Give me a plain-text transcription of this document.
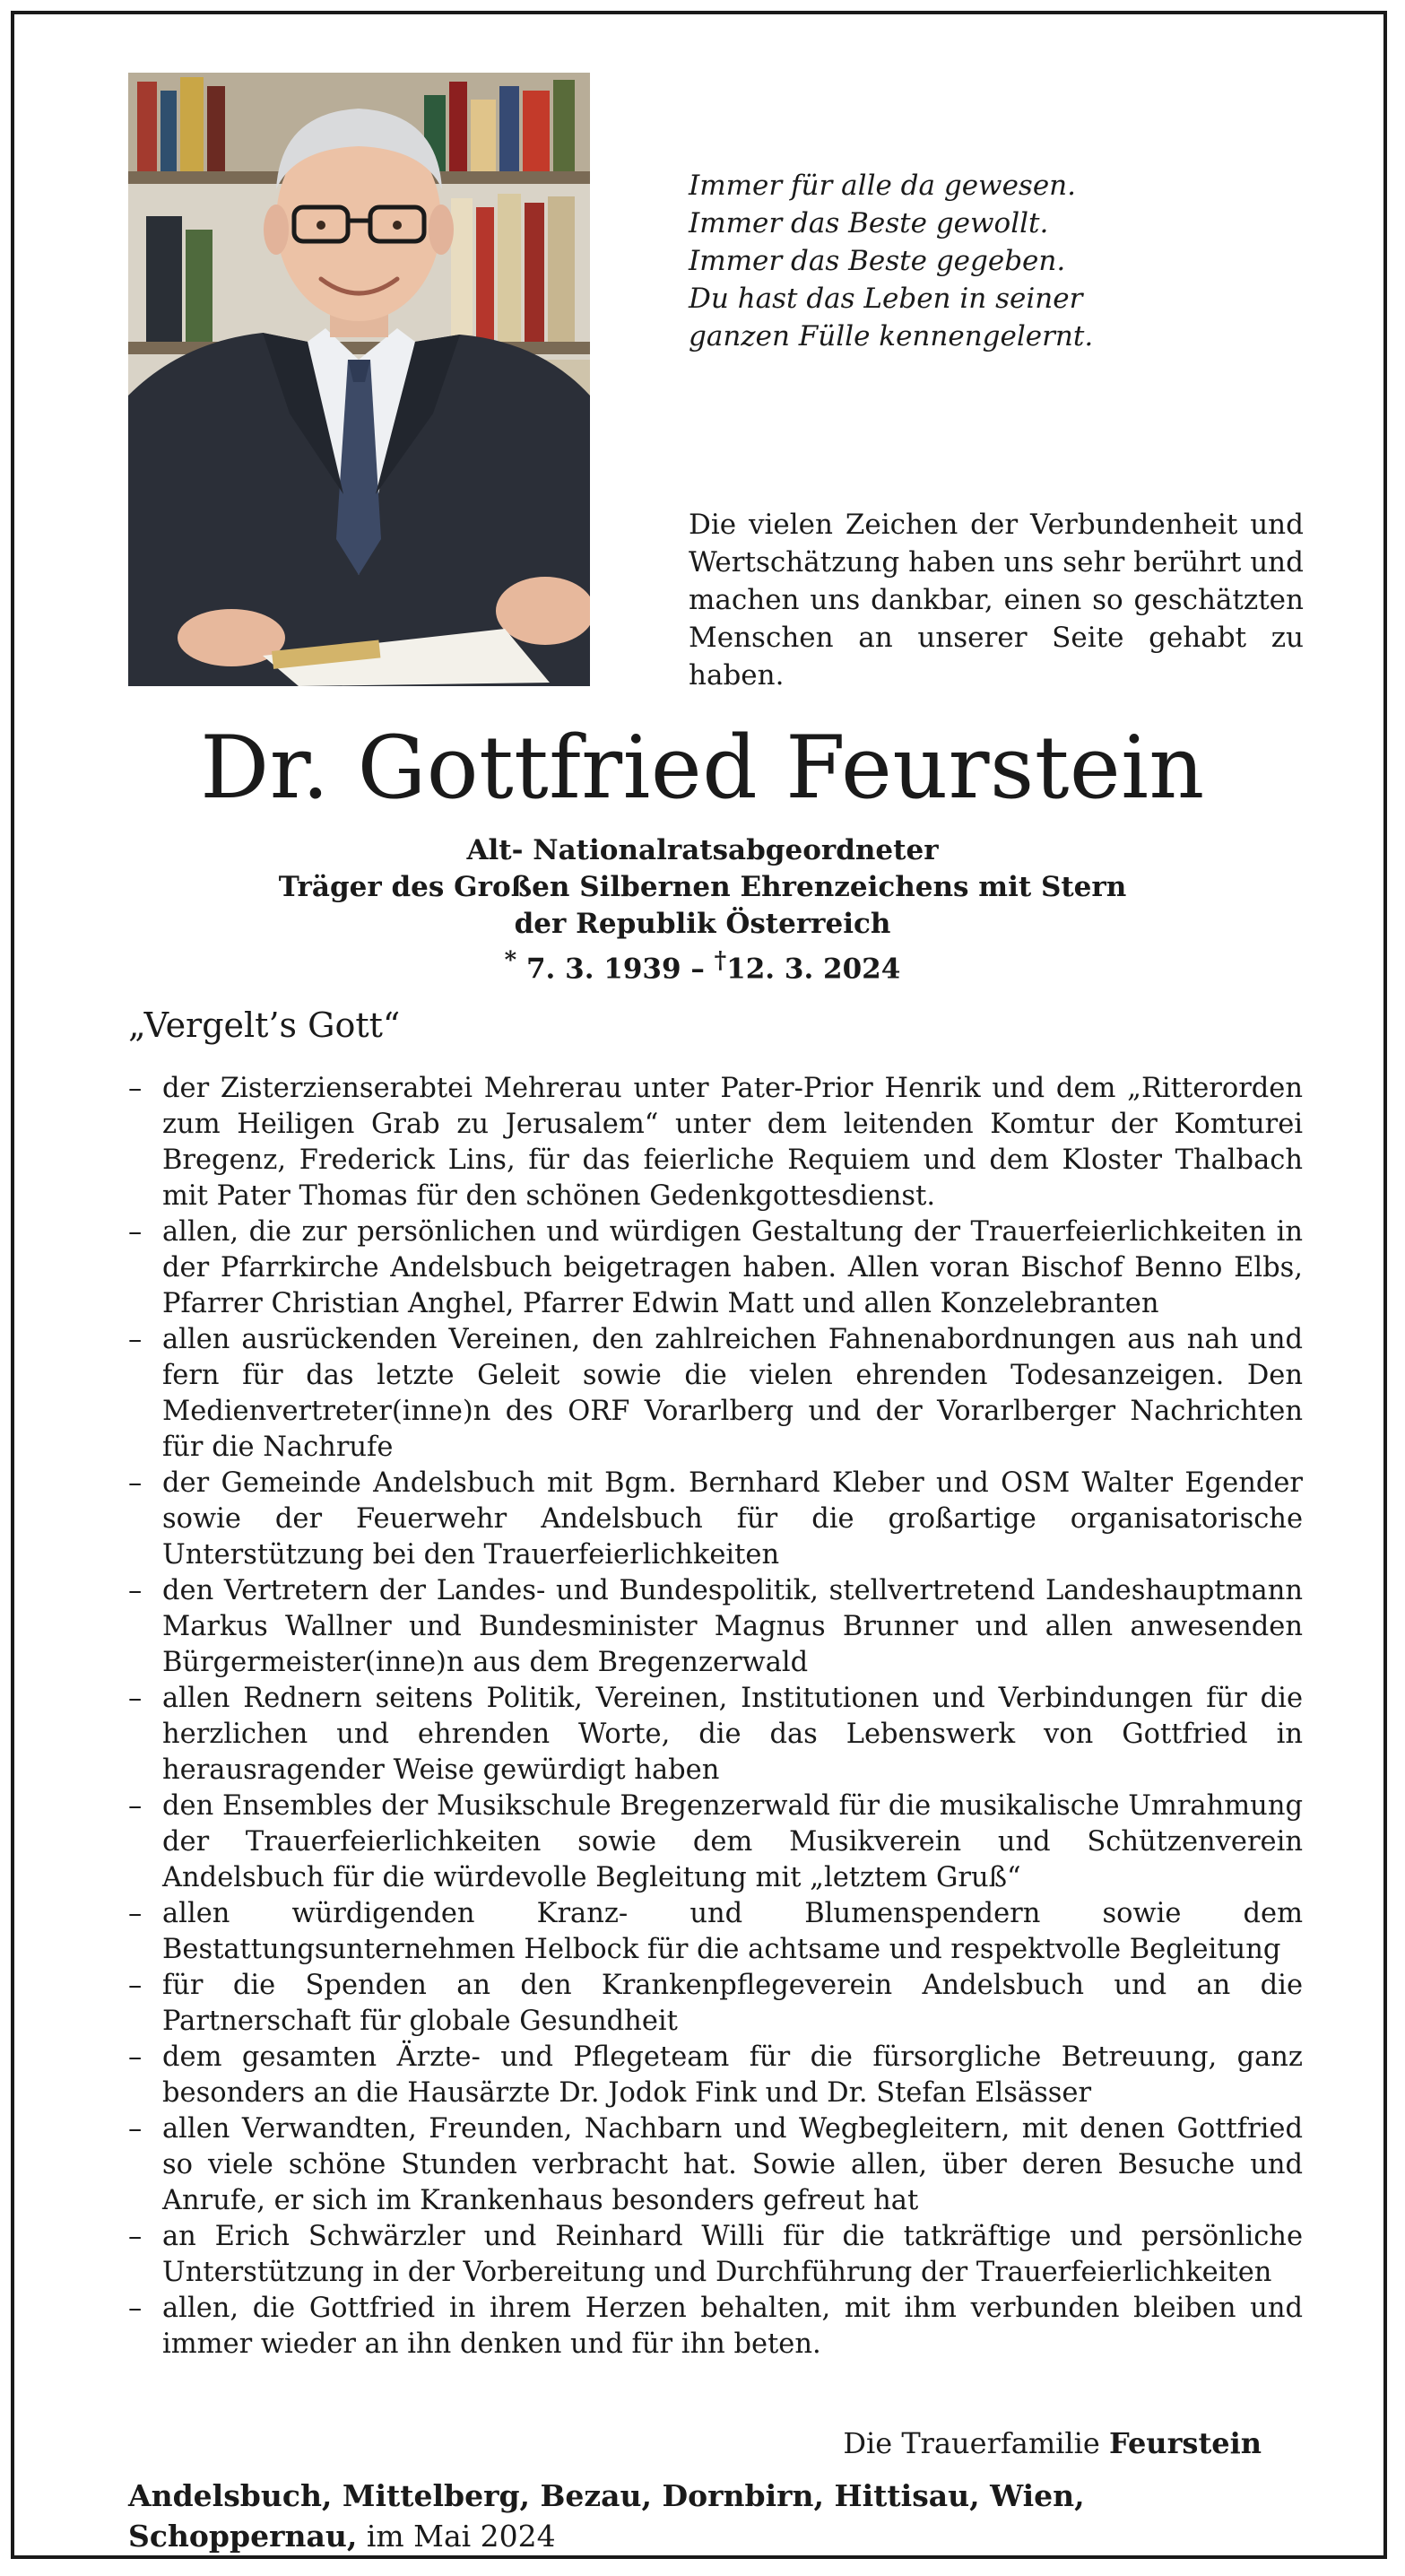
Immer für alle da gewesen.
Immer das Beste gewollt.
Immer das Beste gegeben.
Du hast das Leben in seiner
ganzen Fülle kennengelernt.

Die vielen Zeichen der Verbundenheit und Wertschätzung haben uns sehr berührt und machen uns dankbar, einen so geschätzten Menschen an unserer Seite gehabt zu haben.

Dr. Gottfried Feurstein
Alt- Nationalratsabgeordneter
Träger des Großen Silbernen Ehrenzeichens mit Stern
der Republik Österreich
* 7. 3. 1939 – †12. 3. 2024

„Vergelt’s Gott“

– der Zisterzienserabtei Mehrerau unter Pater-Prior Henrik und dem „Ritterorden zum Heiligen Grab zu Jerusalem“ unter dem leitenden Komtur der Komturei Bregenz, Frederick Lins, für das feierliche Requiem und dem Kloster Thalbach mit Pater Thomas für den schönen Gedenkgottesdienst.
– allen, die zur persönlichen und würdigen Gestaltung der Trauerfeierlichkeiten in der Pfarrkirche Andelsbuch beigetragen haben. Allen voran Bischof Benno Elbs, Pfarrer Christian Anghel, Pfarrer Edwin Matt und allen Konzelebranten
– allen ausrückenden Vereinen, den zahlreichen Fahnenabordnungen aus nah und fern für das letzte Geleit sowie die vielen ehrenden Todesanzeigen. Den Medienvertreter(inne)n des ORF Vorarlberg und der Vorarlberger Nachrichten für die Nachrufe
– der Gemeinde Andelsbuch mit Bgm. Bernhard Kleber und OSM Walter Egender sowie der Feuerwehr Andelsbuch für die großartige organisatorische Unterstützung bei den Trauerfeierlichkeiten
– den Vertretern der Landes- und Bundespolitik, stellvertretend Landeshauptmann Markus Wallner und Bundesminister Magnus Brunner und allen anwesenden Bürgermeister(inne)n aus dem Bregenzerwald
– allen Rednern seitens Politik, Vereinen, Institutionen und Verbindungen für die herzlichen und ehrenden Worte, die das Lebenswerk von Gottfried in herausragender Weise gewürdigt haben
– den Ensembles der Musikschule Bregenzerwald für die musikalische Umrahmung der Trauerfeierlichkeiten sowie dem Musikverein und Schützenverein Andelsbuch für die würdevolle Begleitung mit „letztem Gruß“
– allen würdigenden Kranz- und Blumenspendern sowie dem Bestattungsunternehmen Helbock für die achtsame und respektvolle Begleitung
– für die Spenden an den Krankenpflegeverein Andelsbuch und an die Partnerschaft für globale Gesundheit
– dem gesamten Ärzte- und Pflegeteam für die fürsorgliche Betreuung, ganz besonders an die Hausärzte Dr. Jodok Fink und Dr. Stefan Elsässer
– allen Verwandten, Freunden, Nachbarn und Wegbegleitern, mit denen Gottfried so viele schöne Stunden verbracht hat. Sowie allen, über deren Besuche und Anrufe, er sich im Krankenhaus besonders gefreut hat
– an Erich Schwärzler und Reinhard Willi für die tatkräftige und persönliche Unterstützung in der Vorbereitung und Durchführung der Trauerfeierlichkeiten
– allen, die Gottfried in ihrem Herzen behalten, mit ihm verbunden bleiben und immer wieder an ihn denken und für ihn beten.
Die Trauerfamilie Feurstein
Andelsbuch, Mittelberg, Bezau, Dornbirn, Hittisau, Wien, Schoppernau, im Mai 2024
